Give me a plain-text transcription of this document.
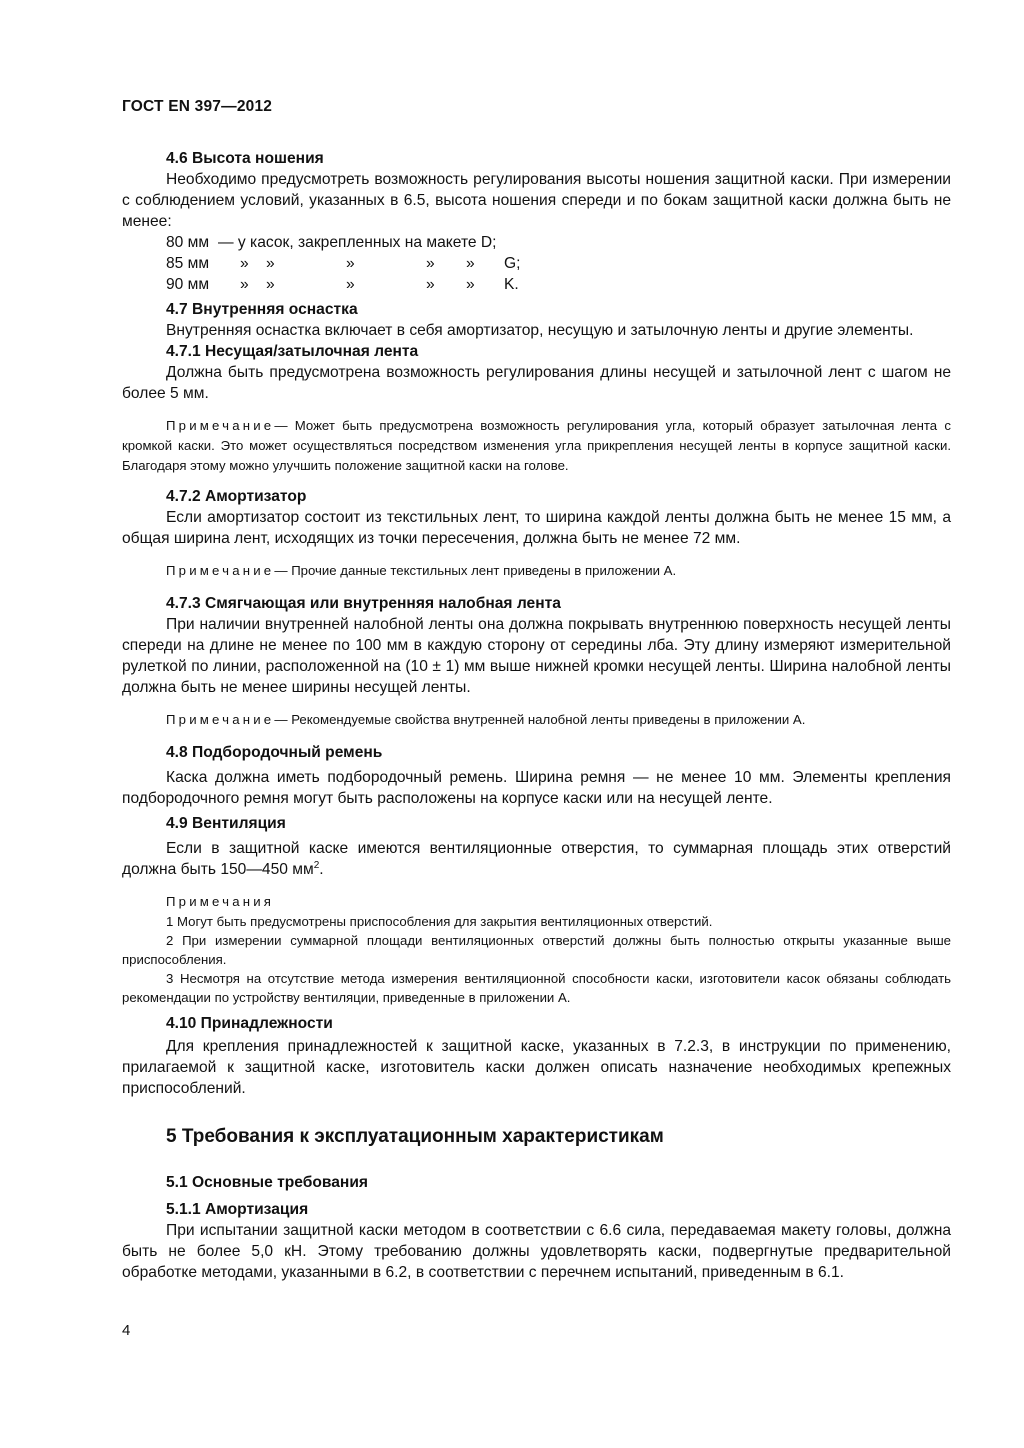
ГОСТ EN 397—2012
4.6 Высота ношения

Необходимо предусмотреть возможность регулирования высоты ношения защитной каски. При измерении с соблюдением условий, указанных в 6.5, высота ношения спереди и по бокам защитной каски должна быть не менее:

80 мм — у касок, закрепленных на макете D;
85 мм	»	»	»	»	»	G;
90 мм	»	»	»	»	»	K.
4.7 Внутренняя оснастка

Внутренняя оснастка включает в себя амортизатор, несущую и затылочную ленты и другие элементы.

4.7.1 Несущая/затылочная лента

Должна быть предусмотрена возможность регулирования длины несущей и затылочной лент с шагом не более 5 мм.

Примечание— Может быть предусмотрена возможность регулирования угла, который образует затылочная лента с кромкой каски. Это может осуществляться посредством изменения угла прикрепления несущей ленты в корпусе защитной каски. Благодаря этому можно улучшить положение защитной каски на голове.
4.7.2 Амортизатор

Если амортизатор состоит из текстильных лент, то ширина каждой ленты должна быть не менее 15 мм, а общая ширина лент, исходящих из точки пересечения, должна быть не менее 72 мм.

Примечание— Прочие данные текстильных лент приведены в приложении А.
4.7.3 Смягчающая или внутренняя налобная лента

При наличии внутренней налобной ленты она должна покрывать внутреннюю поверхность несущей ленты спереди на длине не менее по 100 мм в каждую сторону от середины лба. Эту длину измеряют измерительной рулеткой по линии, расположенной на (10 ± 1) мм выше нижней кромки несущей ленты. Ширина налобной ленты должна быть не менее ширины несущей ленты.

Примечание— Рекомендуемые свойства внутренней налобной ленты приведены в приложении А.
4.8 Подбородочный ремень

Каска должна иметь подбородочный ремень. Ширина ремня — не менее 10 мм. Элементы крепления подбородочного ремня могут быть расположены на корпусе каски или на несущей ленте.

4.9 Вентиляция

Если в защитной каске имеются вентиляционные отверстия, то суммарная площадь этих отверстий должна быть 150—450 $мм^2$.

Примечания
1 Могут быть предусмотрены приспособления для закрытия вентиляционных отверстий.
2 При измерении суммарной площади вентиляционных отверстий должны быть полностью открыты указанные выше приспособления.
3 Несмотря на отсутствие метода измерения вентиляционной способности каски, изготовители касок обязаны соблюдать рекомендации по устройству вентиляции, приведенные в приложении А.
4.10 Принадлежности

Для крепления принадлежностей к защитной каске, указанных в 7.2.3, в инструкции по применению, прилагаемой к защитной каске, изготовитель каски должен описать назначение необходимых крепежных приспособлений.

5 Требования к эксплуатационным характеристикам
5.1 Основные требования
5.1.1 Амортизация

При испытании защитной каски методом в соответствии с 6.6 сила, передаваемая макету головы, должна быть не более 5,0 кН. Этому требованию должны удовлетворять каски, подвергнутые предварительной обработке методами, указанными в 6.2, в соответствии с перечнем испытаний, приведенным в 6.1.

4
